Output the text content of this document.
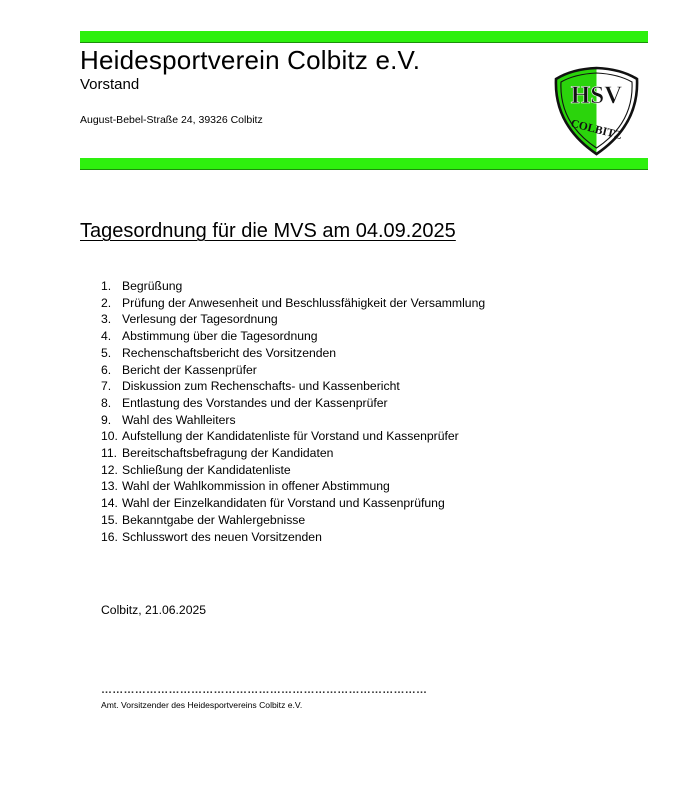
Heidesportverein Colbitz e.V.
Vorstand
August-Bebel-Straße 24, 39326 Colbitz
HSV
COLBITZ
Tagesordnung für die MVS am 04.09.2025
1. Begrüßung
2. Prüfung der Anwesenheit und Beschlussfähigkeit der Versammlung
3. Verlesung der Tagesordnung
4. Abstimmung über die Tagesordnung
5. Rechenschaftsbericht des Vorsitzenden
6. Bericht der Kassenprüfer
7. Diskussion zum Rechenschafts- und Kassenbericht
8. Entlastung des Vorstandes und der Kassenprüfer
9. Wahl des Wahlleiters
10. Aufstellung der Kandidatenliste für Vorstand und Kassenprüfer
11. Bereitschaftsbefragung der Kandidaten
12. Schließung der Kandidatenliste
13. Wahl der Wahlkommission in offener Abstimmung
14. Wahl der Einzelkandidaten für Vorstand und Kassenprüfung
15. Bekanntgabe der Wahlergebnisse
16. Schlusswort des neuen Vorsitzenden
Colbitz, 21.06.2025
……………………………………………………………………………
Amt. Vorsitzender des Heidesportvereins Colbitz e.V.
